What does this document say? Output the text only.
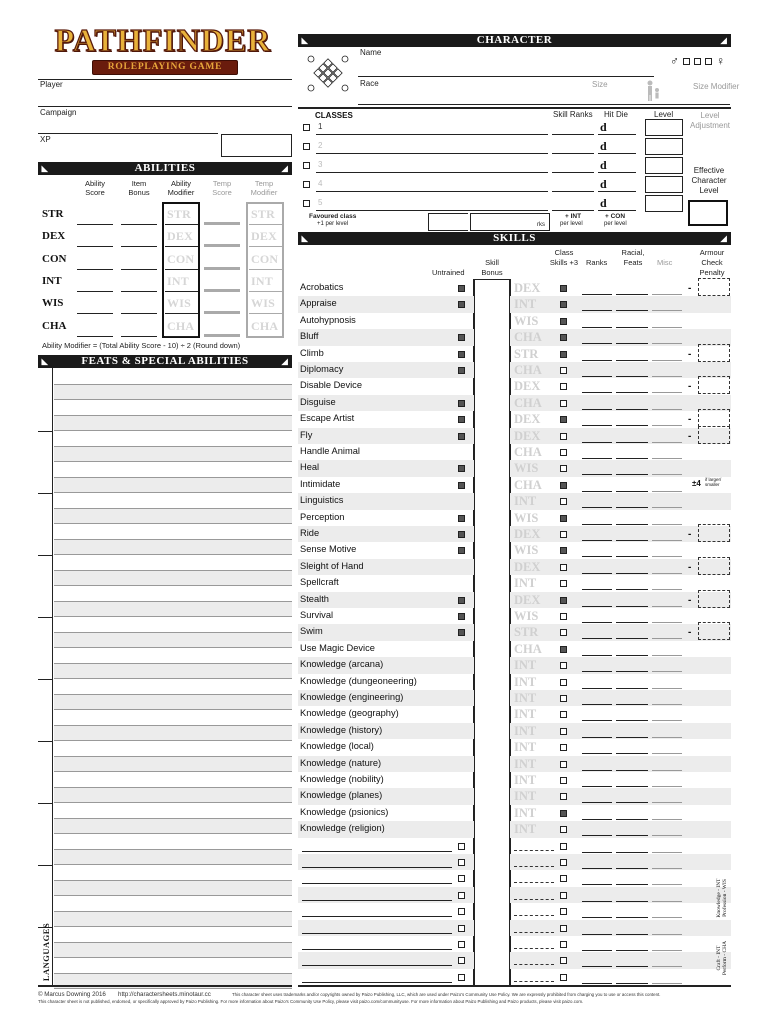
PATHFINDER
ROLEPLAYING GAME
Player
Campaign
XP
◣	CHARACTER	◢
Name
Race	Size
♂	♀
Size Modifier
CLASSES	Skill Ranks Hit Die	Level	Level Adjustment
1	d
2	d
3	d
4	d
5	d
Effective Character Level
Favoured class
+1 per level	rks
+ INT
per level
+ CON
per level
◣	ABILITIES	◢
Ability Score
Item Bonus
Ability Modifier
Temp Score
Temp Modifier
STR	STR	STR
DEX	DEX	DEX
CON	CON	CON
INT	INT	INT
WIS	WIS	WIS
CHA	CHA	CHA
Ability Modifier = (Total Ability Score - 10) ÷ 2 (Round down)
◣	FEATS & SPECIAL ABILITIES	◢
LANGUAGES
◣	SKILLS	◢
Untrained
Skill Bonus
Class Skills +3 Ranks
Racial, Feats	Misc
Armour Check Penalty
Acrobatics	DEX	-
Appraise	INT
Autohypnosis	WIS
Bluff	CHA
Climb	STR	-
Diplomacy	CHA
Disable Device	DEX	-
Disguise	CHA
Escape Artist	DEX	-
Fly	DEX	-
Handle Animal	CHA
Heal	WIS
Intimidate	CHA	±4 if larger/ smaller
Linguistics	INT
Perception	WIS
Ride	DEX	-
Sense Motive	WIS
Sleight of Hand	DEX	-
Spellcraft	INT
Stealth	DEX	-
Survival	WIS
Swim	STR	-
Use Magic Device	CHA
Knowledge (arcana)	INT
Knowledge (dungeoneering)	INT
Knowledge (engineering)	INT
Knowledge (geography)	INT
Knowledge (history)	INT
Knowledge (local)	INT
Knowledge (nature)	INT
Knowledge (nobility)	INT
Knowledge (planes)	INT
Knowledge (psionics)	INT
Knowledge (religion)	INT
Knowledge - INT Profession - WIS
Craft - INT Perform - CHA
© Marcus Downing 2016 http://charactersheets.minotaur.cc	This character sheet uses trademarks and/or copyrights owned by Paizo Publishing, LLC, which are used under Paizo's Community Use Policy. We are expressly prohibited from charging you to use or access this content.
This character sheet is not published, endorsed, or specifically approved by Paizo Publishing. For more information about Paizo's Community Use Policy, please visit paizo.com/communityuse. For more information about Paizo Publishing and Paizo products, please visit paizo.com.
